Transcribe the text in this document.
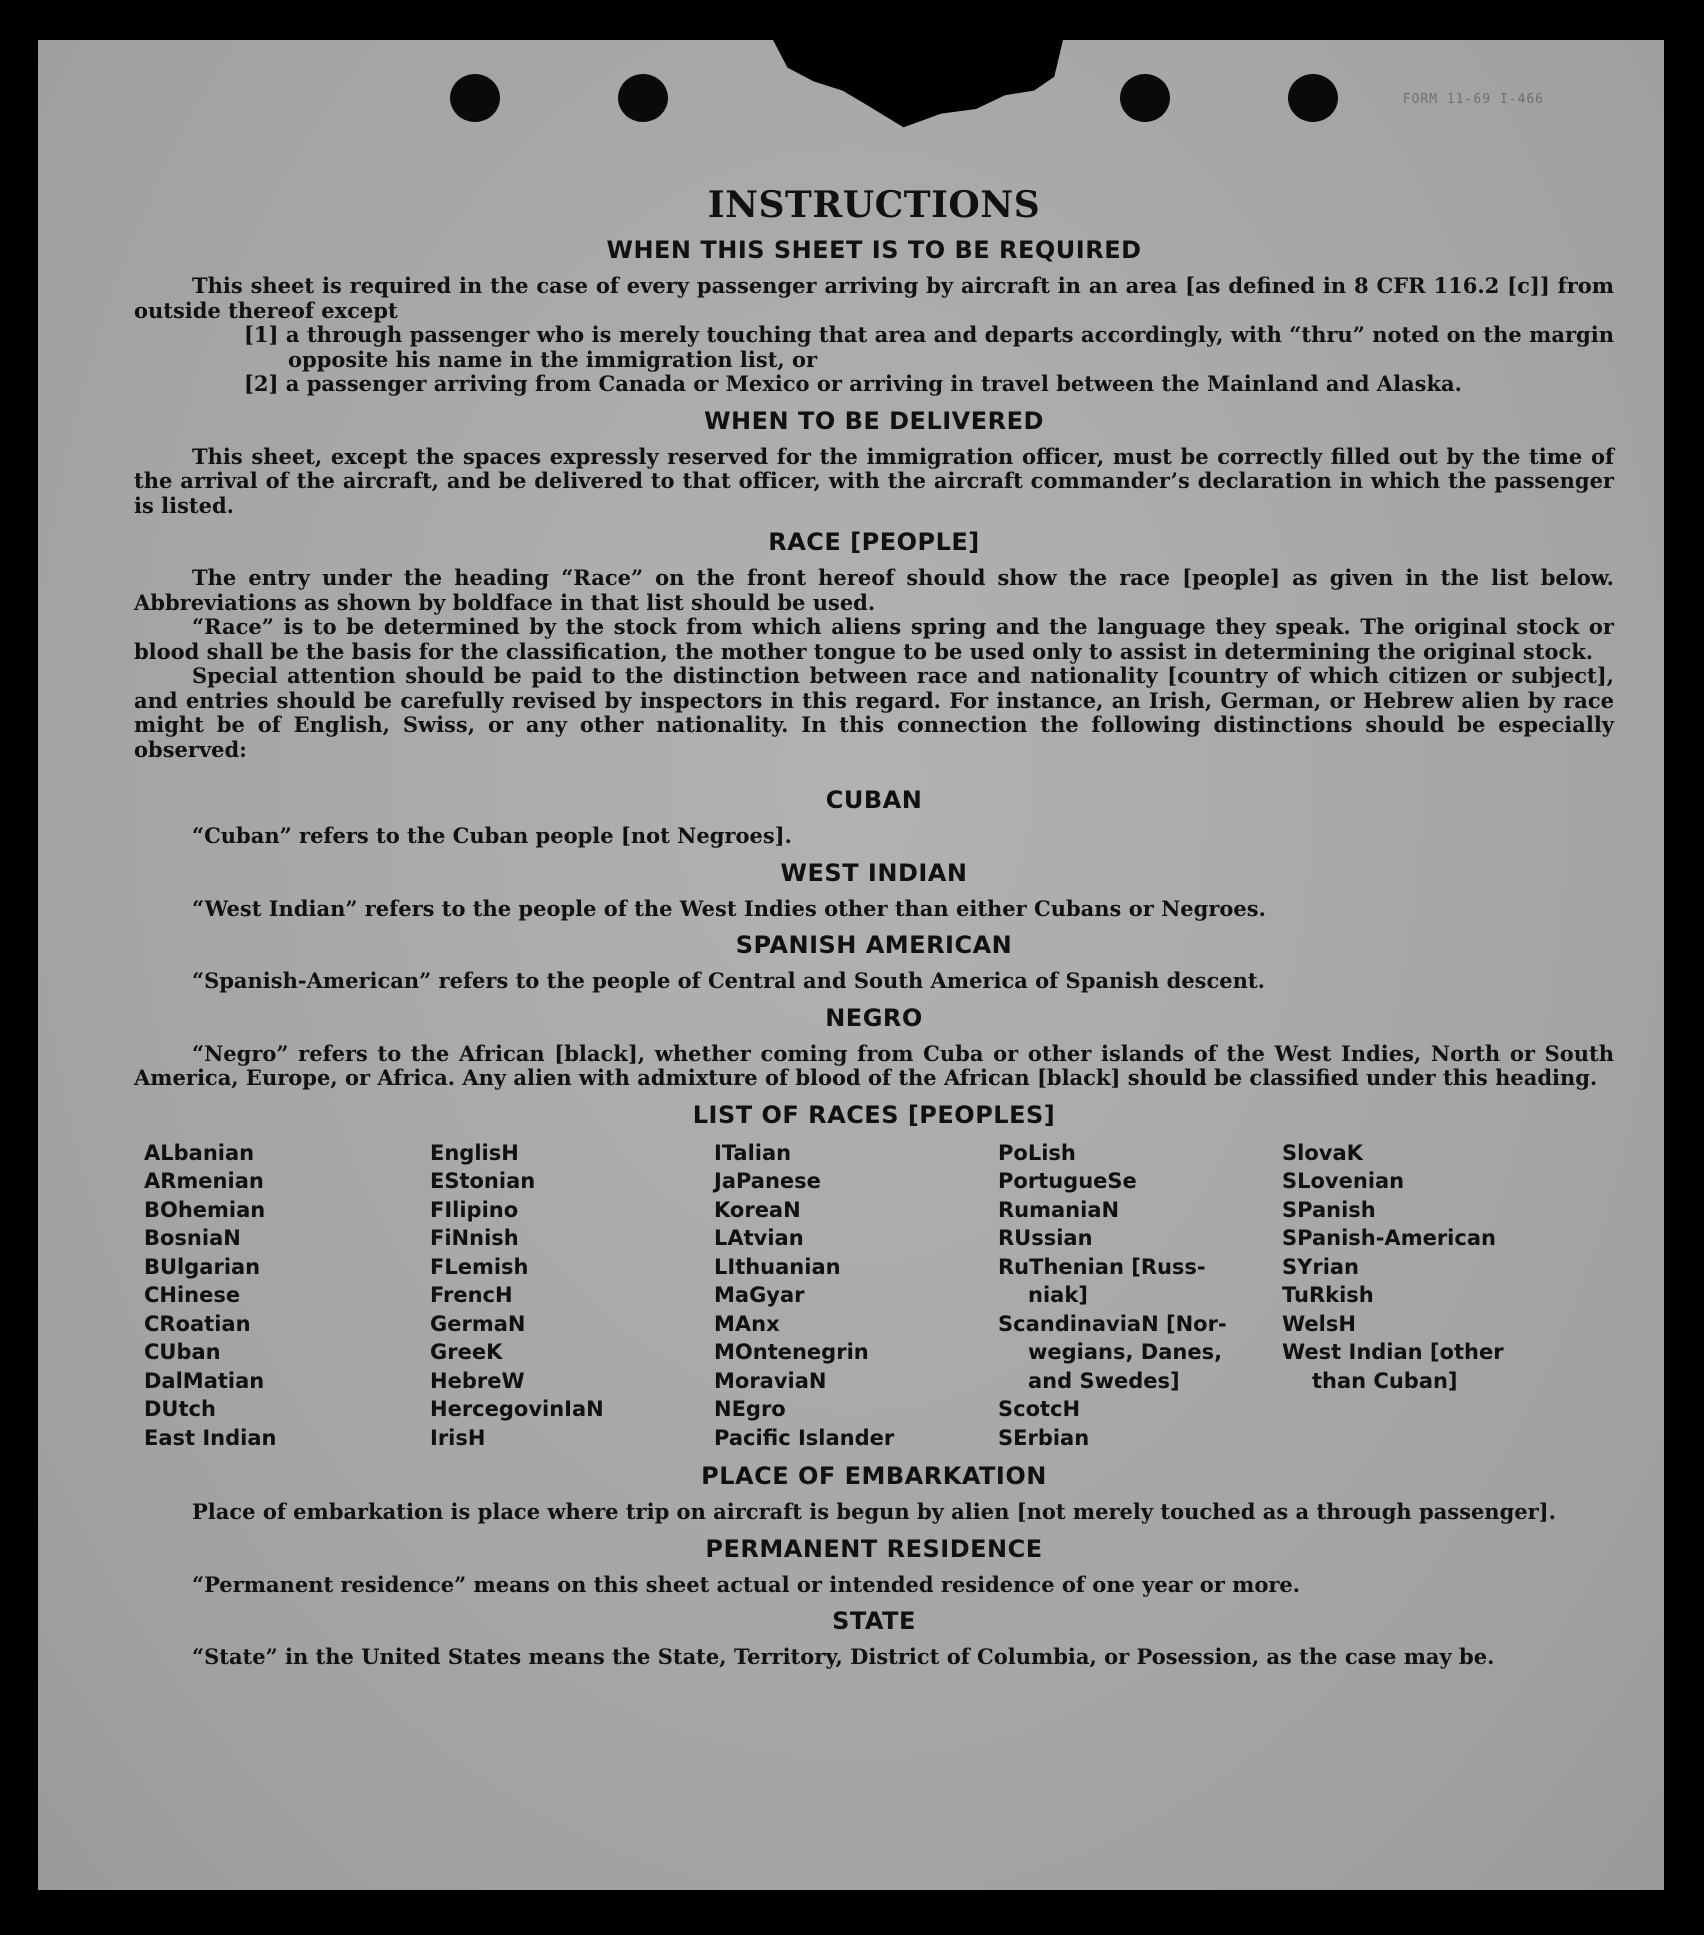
FORM 11-69 I-466
INSTRUCTIONS
WHEN THIS SHEET IS TO BE REQUIRED

This sheet is required in the case of every passenger arriving by aircraft in an area [as defined in 8 CFR 116.2 [c]] from outside thereof except

[1] a through passenger who is merely touching that area and departs accordingly, with “thru” noted on the margin opposite his name in the immigration list, or

[2] a passenger arriving from Canada or Mexico or arriving in travel between the Mainland and Alaska.

WHEN TO BE DELIVERED

This sheet, except the spaces expressly reserved for the immigration officer, must be correctly filled out by the time of the arrival of the aircraft, and be delivered to that officer, with the aircraft commander’s declaration in which the passenger is listed.

RACE [PEOPLE]

The entry under the heading “Race” on the front hereof should show the race [people] as given in the list below. Abbreviations as shown by boldface in that list should be used.

“Race” is to be determined by the stock from which aliens spring and the language they speak. The original stock or blood shall be the basis for the classification, the mother tongue to be used only to assist in determining the original stock.

Special attention should be paid to the distinction between race and nationality [country of which citizen or subject], and entries should be carefully revised by inspectors in this regard. For instance, an Irish, German, or Hebrew alien by race might be of English, Swiss, or any other nationality. In this connection the following distinctions should be especially observed:

CUBAN

“Cuban” refers to the Cuban people [not Negroes].

WEST INDIAN

“West Indian” refers to the people of the West Indies other than either Cubans or Negroes.

SPANISH AMERICAN

“Spanish-American” refers to the people of Central and South America of Spanish descent.

NEGRO

“Negro” refers to the African [black], whether coming from Cuba or other islands of the West Indies, North or South America, Europe, or Africa. Any alien with admixture of blood of the African [black] should be classified under this heading.

LIST OF RACES [PEOPLES]
ALbanian
ARmenian
BOhemian
BosniaN
BUlgarian
CHinese
CRoatian
CUban
DalMatian
DUtch
East Indian
EnglisH
EStonian
FIlipino
FiNnish
FLemish
FrencH
GermaN
GreeK
HebreW
HercegovinIaN
IrisH
ITalian
JaPanese
KoreaN
LAtvian
LIthuanian
MaGyar
MAnx
MOntenegrin
MoraviaN
NEgro
Pacific Islander
PoLish
PortugueSe
RumaniaN
RUssian
RuThenian [Russ-
niak]
ScandinaviaN [Nor-
wegians, Danes,
and Swedes]
ScotcH
SErbian
SlovaK
SLovenian
SPanish
SPanish-American
SYrian
TuRkish
WelsH
West Indian [other
than Cuban]
PLACE OF EMBARKATION

Place of embarkation is place where trip on aircraft is begun by alien [not merely touched as a through passenger].

PERMANENT RESIDENCE

“Permanent residence” means on this sheet actual or intended residence of one year or more.

STATE

“State” in the United States means the State, Territory, District of Columbia, or Posession, as the case may be.
